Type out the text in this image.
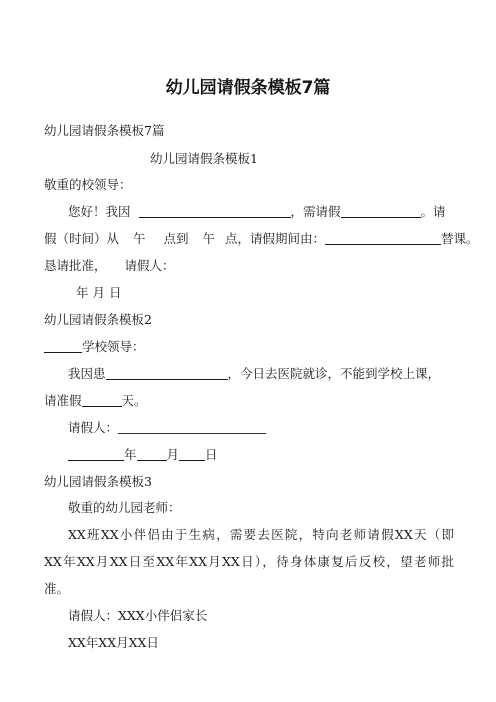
幼儿园请假条模板7篇
幼儿园请假条模板7篇
幼儿园请假条模板1
敬重的校领导：
您好！我因	，需请假	。请
假（时间）从 午 点到 午 点，请假期间由：	替课。
恳请批准， 请假人：
年 月 日
幼儿园请假条模板2
学校领导：
我因患	，今日去医院就诊，不能到学校上课，
请准假	天。
请假人：
年 月 日
幼儿园请假条模板3
敬重的幼儿园老师：
XX班XX小伴侣由于生病，需要去医院，特向老师请假XX天（即
XX年XX月XX日至XX年XX月XX日），待身体康复后反校，望老师批
准。
请假人：XXX小伴侣家长
XX年XX月XX日
